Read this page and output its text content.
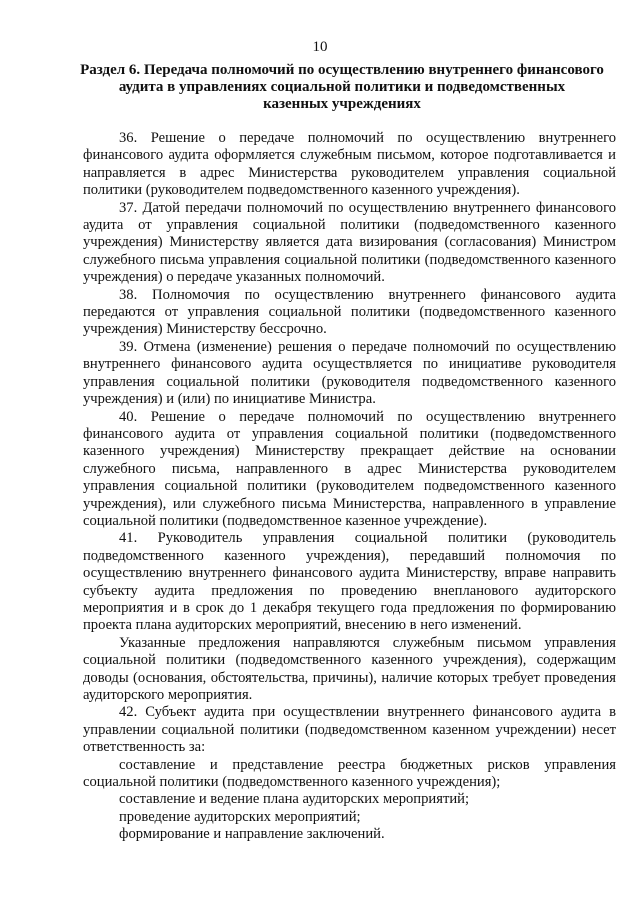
10
Раздел 6. Передача полномочий по осуществлению внутреннего финансового
аудита в управлениях социальной политики и подведомственных
казенных учреждениях

36. Решение о передаче полномочий по осуществлению внутреннего финансового аудита оформляется служебным письмом, которое подготавливается и направляется в адрес Министерства руководителем управления социальной политики (руководителем подведомственного казенного учреждения).

37. Датой передачи полномочий по осуществлению внутреннего финансового аудита от управления социальной политики (подведомственного казенного учреждения) Министерству является дата визирования (согласования) Министром служебного письма управления социальной политики (подведомственного казенного учреждения) о передаче указанных полномочий.

38. Полномочия по осуществлению внутреннего финансового аудита передаются от управления социальной политики (подведомственного казенного учреждения) Министерству бессрочно.

39. Отмена (изменение) решения о передаче полномочий по осуществлению внутреннего финансового аудита осуществляется по инициативе руководителя управления социальной политики (руководителя подведомственного казенного учреждения) и (или) по инициативе Министра.

40. Решение о передаче полномочий по осуществлению внутреннего финансового аудита от управления социальной политики (подведомственного казенного учреждения) Министерству прекращает действие на основании служебного письма, направленного в адрес Министерства руководителем управления социальной политики (руководителем подведомственного казенного учреждения), или служебного письма Министерства, направленного в управление социальной политики (подведомственное казенное учреждение).

41. Руководитель управления социальной политики (руководитель подведомственного казенного учреждения), передавший полномочия по осуществлению внутреннего финансового аудита Министерству, вправе направить субъекту аудита предложения по проведению внепланового аудиторского мероприятия и в срок до 1 декабря текущего года предложения по формированию проекта плана аудиторских мероприятий, внесению в него изменений.

Указанные предложения направляются служебным письмом управления социальной политики (подведомственного казенного учреждения), содержащим доводы (основания, обстоятельства, причины), наличие которых требует проведения аудиторского мероприятия.

42. Субъект аудита при осуществлении внутреннего финансового аудита в управлении социальной политики (подведомственном казенном учреждении) несет ответственность за:

составление и представление реестра бюджетных рисков управления социальной политики (подведомственного казенного учреждения);

составление и ведение плана аудиторских мероприятий;

проведение аудиторских мероприятий;

формирование и направление заключений.
